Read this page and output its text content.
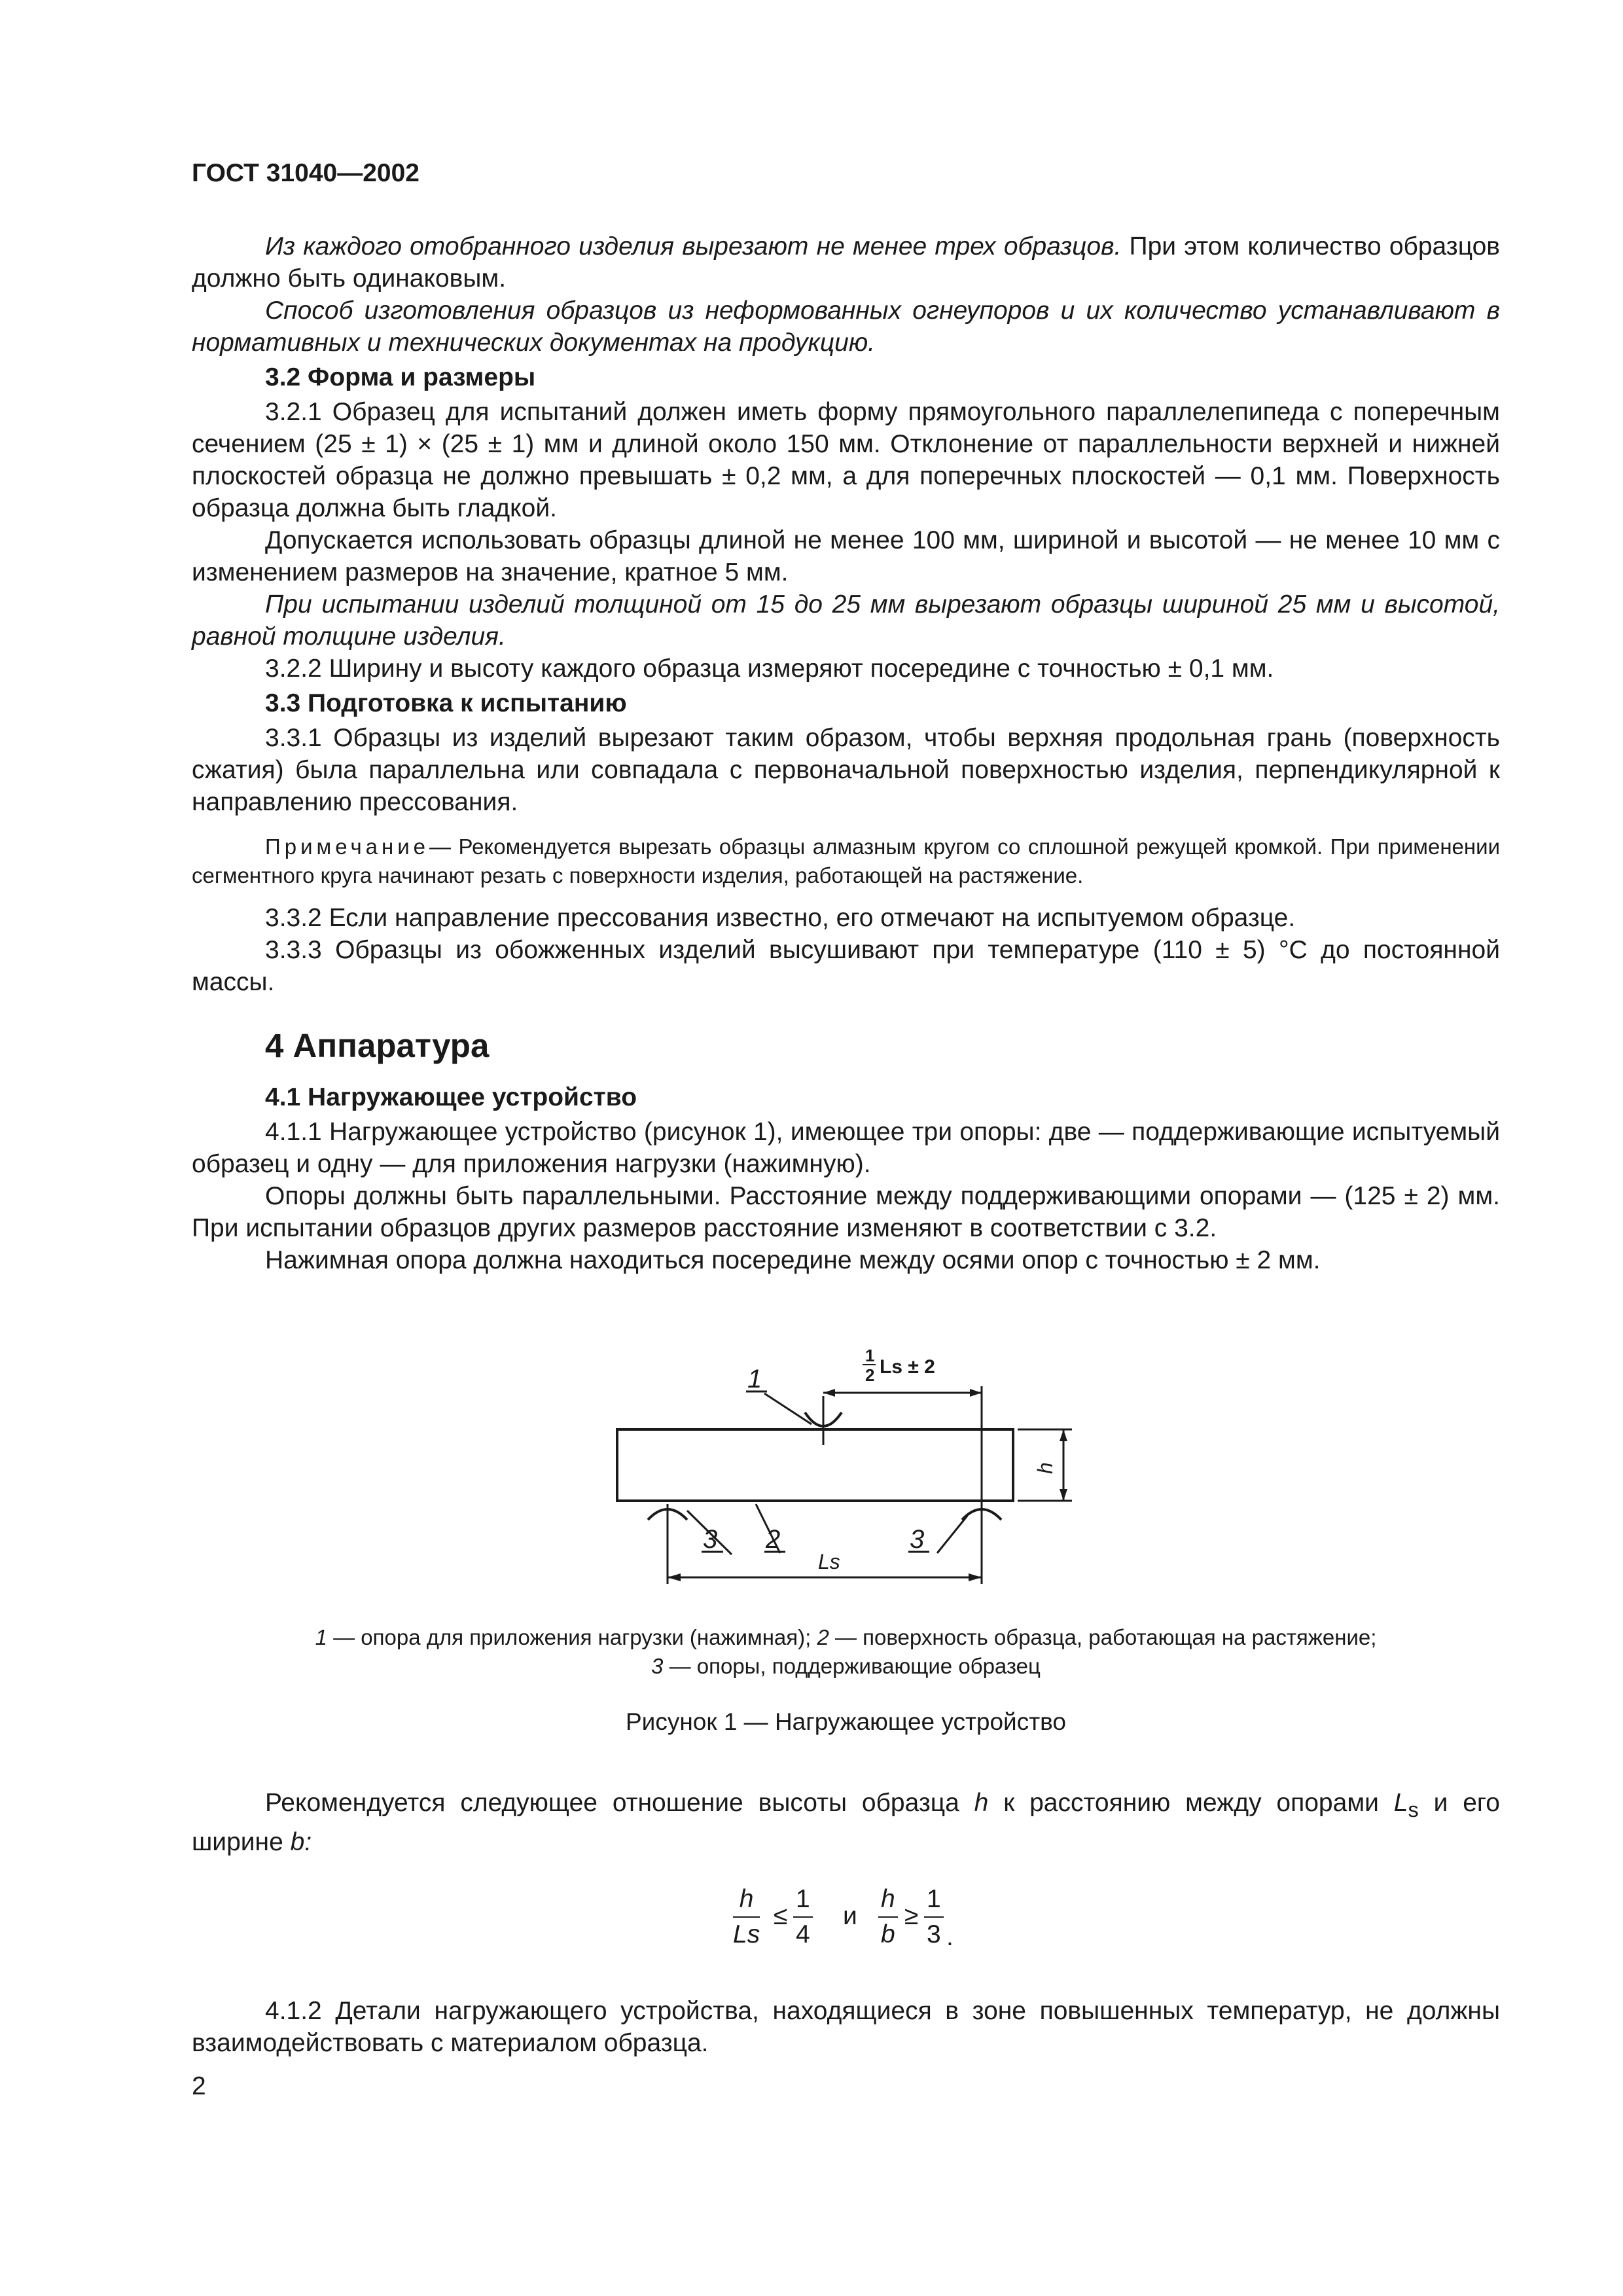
ГОСТ 31040—2002

Из каждого отобранного изделия вырезают не менее трех образцов. При этом количество образцов должно быть одинаковым.

Способ изготовления образцов из неформованных огнеупоров и их количество устанавливают в нормативных и технических документах на продукцию.

3.2 Форма и размеры

3.2.1 Образец для испытаний должен иметь форму прямоугольного параллелепипеда с поперечным сечением (25 ± 1) × (25 ± 1) мм и длиной около 150 мм. Отклонение от параллельности верхней и нижней плоскостей образца не должно превышать ± 0,2 мм, а для поперечных плоскостей — 0,1 мм. Поверхность образца должна быть гладкой.

Допускается использовать образцы длиной не менее 100 мм, шириной и высотой — не менее 10 мм с изменением размеров на значение, кратное 5 мм.

При испытании изделий толщиной от 15 до 25 мм вырезают образцы шириной 25 мм и высотой, равной толщине изделия.

3.2.2 Ширину и высоту каждого образца измеряют посередине с точностью ± 0,1 мм.

3.3 Подготовка к испытанию

3.3.1 Образцы из изделий вырезают таким образом, чтобы верхняя продольная грань (поверхность сжатия) была параллельна или совпадала с первоначальной поверхностью изделия, перпендикулярной к направлению прессования.

Примечание— Рекомендуется вырезать образцы алмазным кругом со сплошной режущей кромкой. При применении сегментного круга начинают резать с поверхности изделия, работающей на растяжение.

3.3.2 Если направление прессования известно, его отмечают на испытуемом образце.

3.3.3 Образцы из обожженных изделий высушивают при температуре (110 ± 5) °С до постоянной массы.

4 Аппаратура

4.1 Нагружающее устройство

4.1.1 Нагружающее устройство (рисунок 1), имеющее три опоры: две — поддерживающие испытуемый образец и одну — для приложения нагрузки (нажимную).

Опоры должны быть параллельными. Расстояние между поддерживающими опорами — (125 ± 2) мм. При испытании образцов других размеров расстояние изменяют в соответствии с 3.2.

Нажимная опора должна находиться посередине между осями опор с точностью ± 2 мм.

1
3 2	3
Ls
h
1
2 Ls ± 2
1 — опора для приложения нагрузки (нажимная); 2 — поверхность образца, работающая на растяжение;
3 — опоры, поддерживающие образец
Рисунок 1 — Нагружающее устройство

Рекомендуется следующее отношение высоты образца h к расстоянию между опорами $L_s$ и его ширине b:

$\frac{h}{Ls} \le \frac{1}{4}$ и $\frac{h}{b} \ge \frac{1}{3}$ .

4.1.2 Детали нагружающего устройства, находящиеся в зоне повышенных температур, не должны взаимодействовать с материалом образца.

2
